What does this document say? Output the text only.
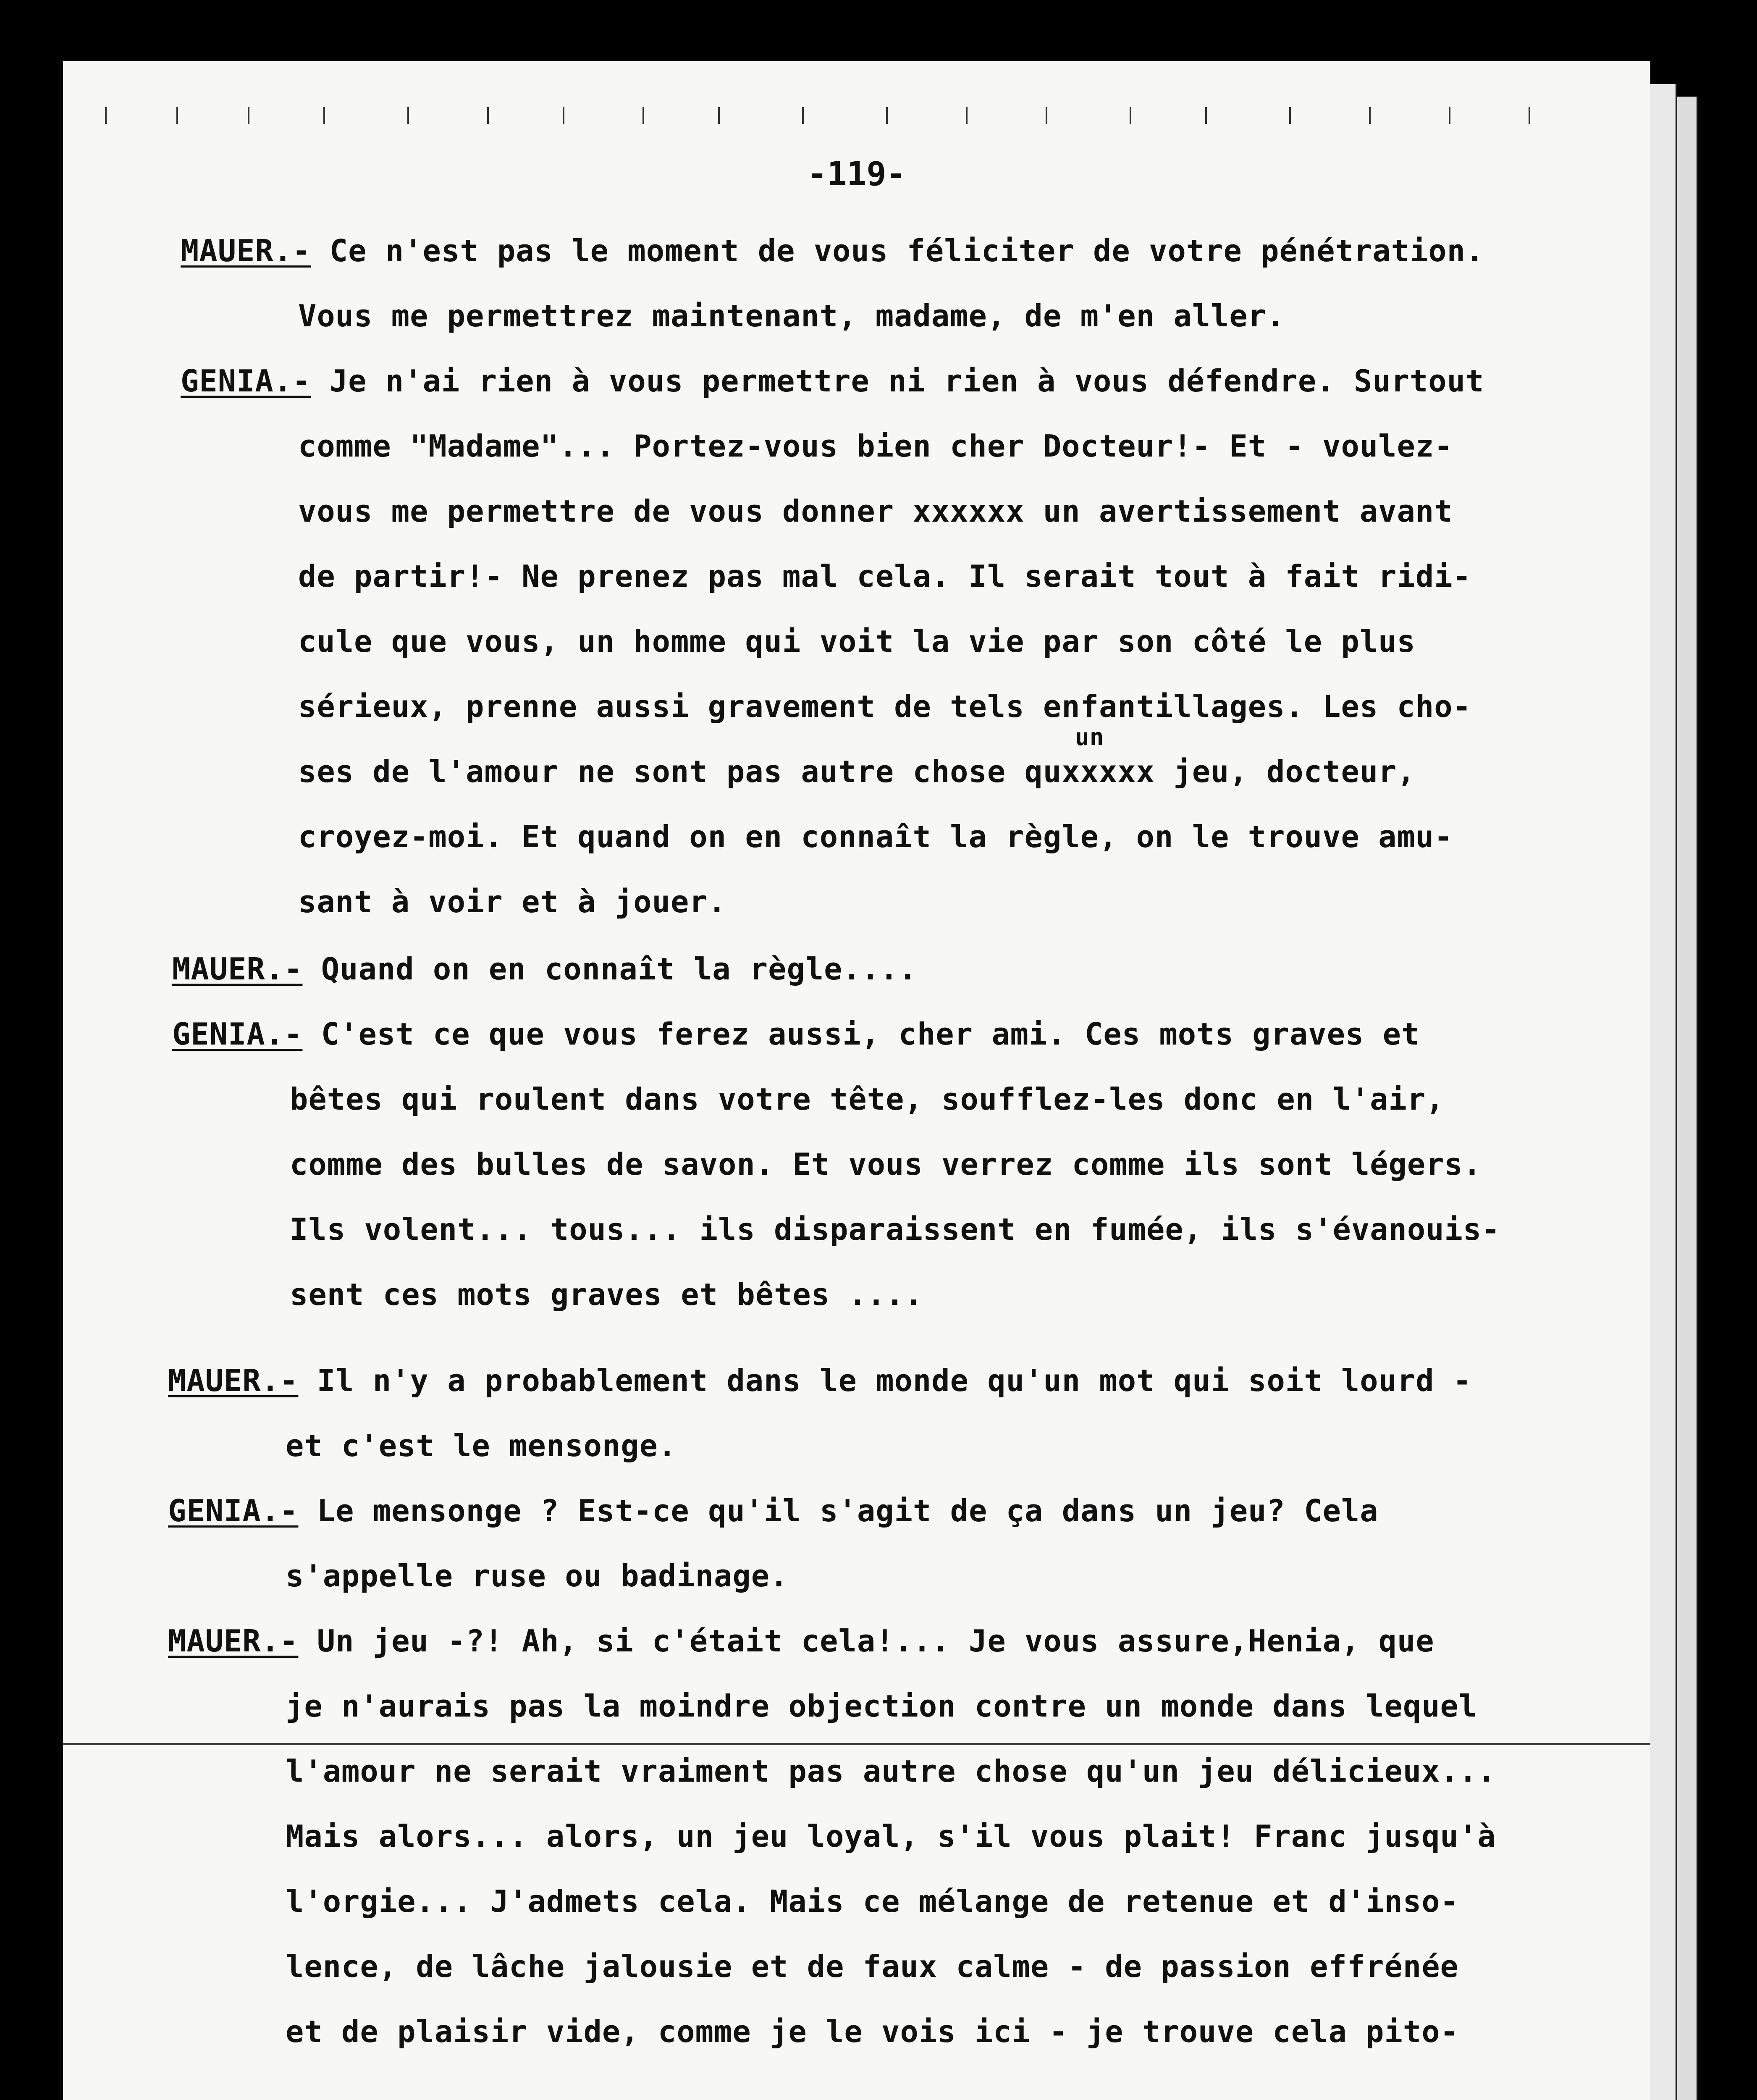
-119-
MAUER.- Ce n'est pas le moment de vous féliciter de votre pénétration.
Vous me permettrez maintenant, madame, de m'en aller.
GENIA.- Je n'ai rien à vous permettre ni rien à vous défendre. Surtout
comme "Madame"... Portez-vous bien cher Docteur!- Et - voulez-
vous me permettre de vous donner xxxxxx un avertissement avant
de partir!- Ne prenez pas mal cela. Il serait tout à fait ridi-
cule que vous, un homme qui voit la vie par son côté le plus
sérieux, prenne aussi gravement de tels enfantillages. Les cho-
un
ses de l'amour ne sont pas autre chose quxxxxx jeu, docteur,
croyez-moi. Et quand on en connaît la règle, on le trouve amu-
sant à voir et à jouer.
MAUER.- Quand on en connaît la règle....
GENIA.- C'est ce que vous ferez aussi, cher ami. Ces mots graves et
bêtes qui roulent dans votre tête, soufflez-les donc en l'air,
comme des bulles de savon. Et vous verrez comme ils sont légers.
Ils volent... tous... ils disparaissent en fumée, ils s'évanouis-
sent ces mots graves et bêtes ....
MAUER.- Il n'y a probablement dans le monde qu'un mot qui soit lourd -
et c'est le mensonge.
GENIA.- Le mensonge ? Est-ce qu'il s'agit de ça dans un jeu? Cela
s'appelle ruse ou badinage.
MAUER.- Un jeu -?! Ah, si c'était cela!... Je vous assure,Henia, que
je n'aurais pas la moindre objection contre un monde dans lequel
l'amour ne serait vraiment pas autre chose qu'un jeu délicieux...
Mais alors... alors, un jeu loyal, s'il vous plait! Franc jusqu'à
l'orgie... J'admets cela. Mais ce mélange de retenue et d'inso-
lence, de lâche jalousie et de faux calme - de passion effrénée
et de plaisir vide, comme je le vois ici - je trouve cela pito-
